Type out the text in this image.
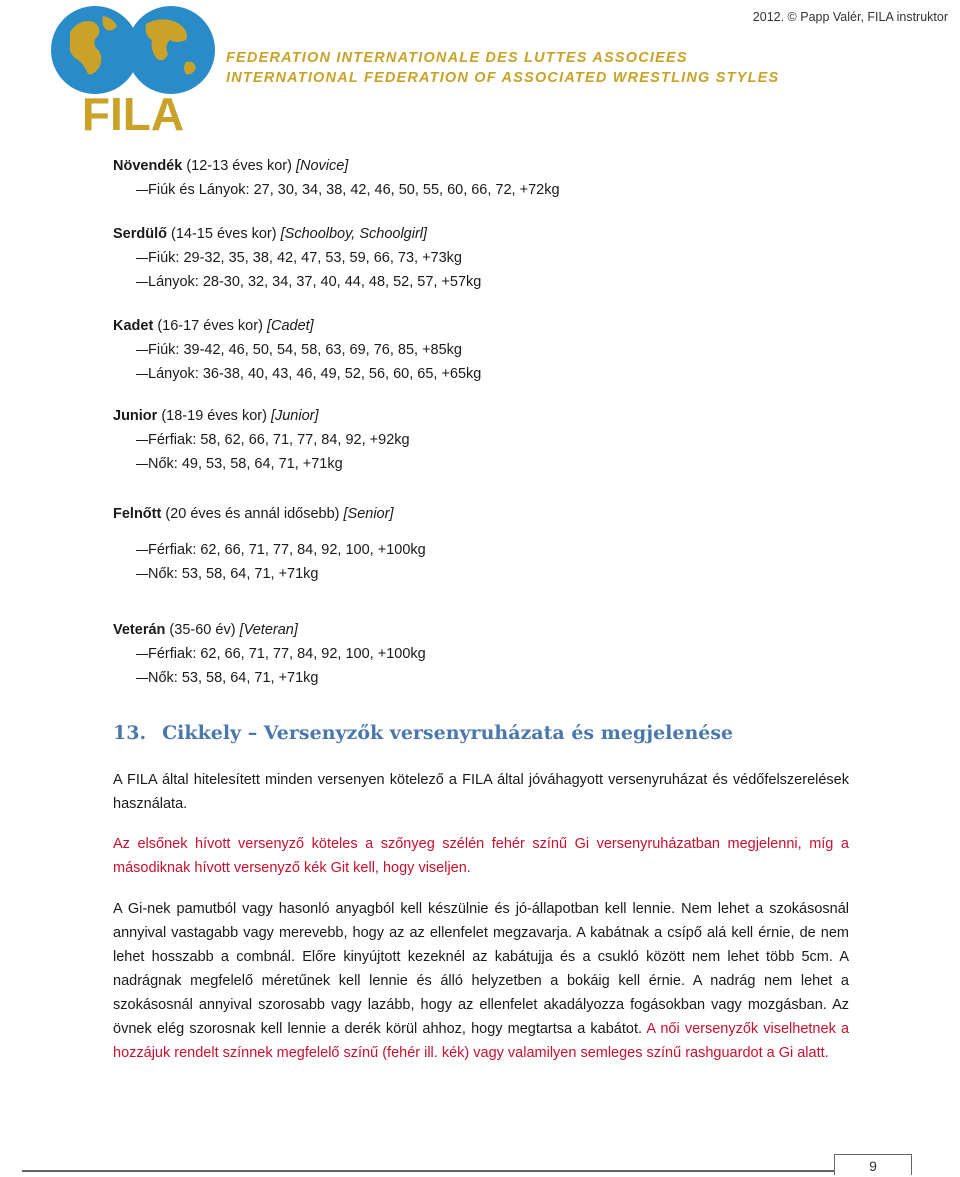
2012. © Papp Valér, FILA instruktor
FILA
FEDERATION INTERNATIONALE DES LUTTES ASSOCIEES
INTERNATIONAL FEDERATION OF ASSOCIATED WRESTLING STYLES
Növendék (12-13 éves kor) [Novice]
Fiúk és Lányok: 27, 30, 34, 38, 42, 46, 50, 55, 60, 66, 72, +72kg
Serdülő (14-15 éves kor) [Schoolboy, Schoolgirl]
Fiúk: 29-32, 35, 38, 42, 47, 53, 59, 66, 73, +73kg
Lányok: 28-30, 32, 34, 37, 40, 44, 48, 52, 57, +57kg
Kadet (16-17 éves kor) [Cadet]
Fiúk: 39-42, 46, 50, 54, 58, 63, 69, 76, 85, +85kg
Lányok: 36-38, 40, 43, 46, 49, 52, 56, 60, 65, +65kg
Junior (18-19 éves kor) [Junior]
Férfiak: 58, 62, 66, 71, 77, 84, 92, +92kg
Nők: 49, 53, 58, 64, 71, +71kg
Felnőtt (20 éves és annál idősebb) [Senior]
Férfiak: 62, 66, 71, 77, 84, 92, 100, +100kg
Nők: 53, 58, 64, 71, +71kg
Veterán (35-60 év) [Veteran]
Férfiak: 62, 66, 71, 77, 84, 92, 100, +100kg
Nők: 53, 58, 64, 71, +71kg
13. Cikkely – Versenyzők versenyruházata és megjelenése
A FILA által hitelesített minden versenyen kötelező a FILA által jóváhagyott versenyruházat és védőfelszerelések használata.
Az elsőnek hívott versenyző köteles a szőnyeg szélén fehér színű Gi versenyruházatban megjelenni, míg a másodiknak hívott versenyző kék Git kell, hogy viseljen.
A Gi-nek pamutból vagy hasonló anyagból kell készülnie és jó-állapotban kell lennie. Nem lehet a szokásosnál annyival vastagabb vagy merevebb, hogy az az ellenfelet megzavarja. A kabátnak a csípő alá kell érnie, de nem lehet hosszabb a combnál. Előre kinyújtott kezeknél az kabátujja és a csukló között nem lehet több 5cm. A nadrágnak megfelelő méretűnek kell lennie és álló helyzetben a bokáig kell érnie. A nadrág nem lehet a szokásosnál annyival szorosabb vagy lazább, hogy az ellenfelet akadályozza fogásokban vagy mozgásban. Az övnek elég szorosnak kell lennie a derék körül ahhoz, hogy megtartsa a kabátot. A női versenyzők viselhetnek a hozzájuk rendelt színnek megfelelő színű (fehér ill. kék) vagy valamilyen semleges színű rashguardot a Gi alatt.
9
